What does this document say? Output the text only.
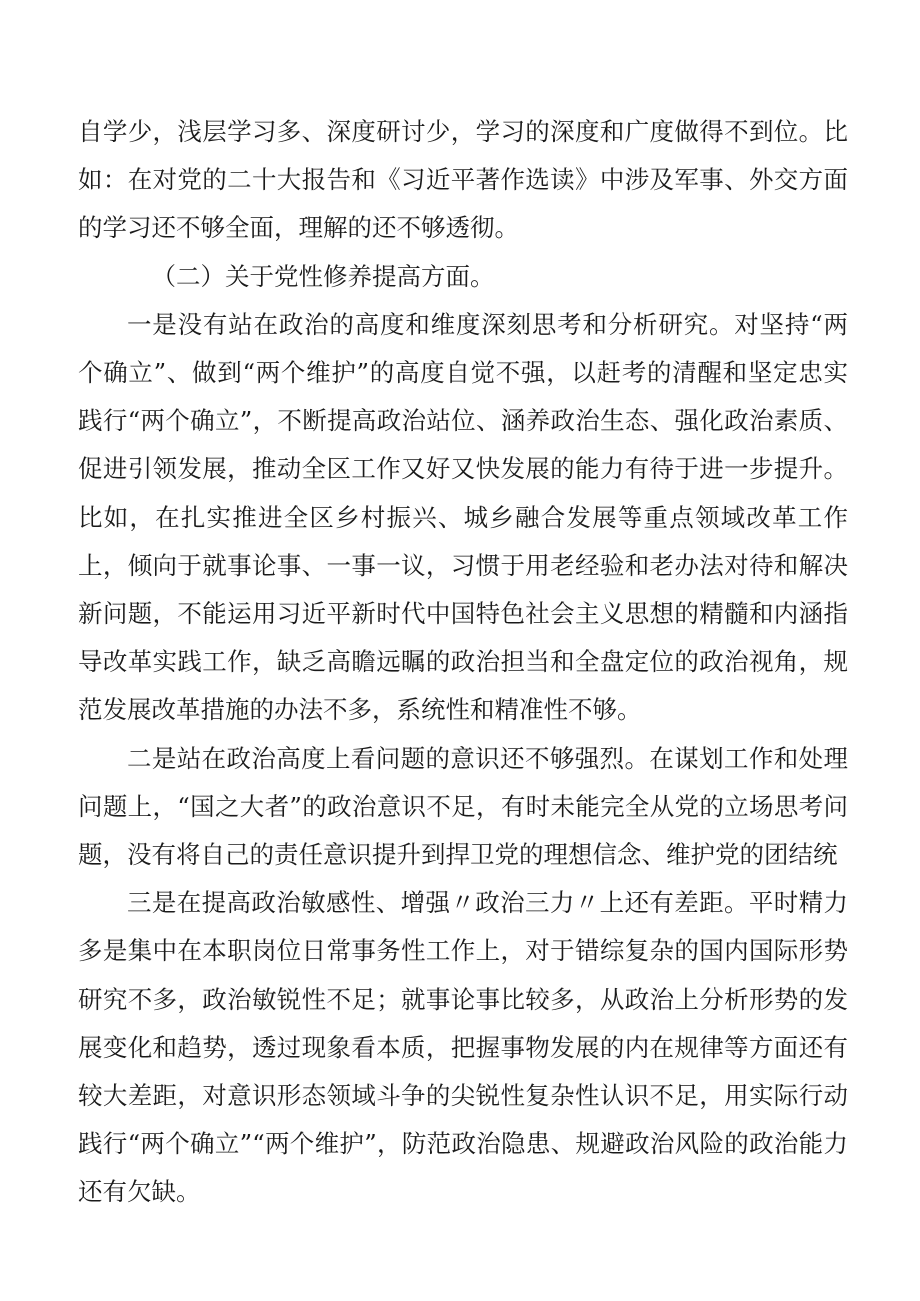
自学少，浅层学习多、深度研讨少，学习的深度和广度做得不到位。比如：在对党的二十大报告和《习近平著作选读》中涉及军事、外交方面的学习还不够全面，理解的还不够透彻。

（二）关于党性修养提高方面。

一是没有站在政治的高度和维度深刻思考和分析研究。对坚持“两个确立”、做到“两个维护”的高度自觉不强，以赶考的清醒和坚定忠实践行“两个确立”，不断提高政治站位、涵养政治生态、强化政治素质、促进引领发展，推动全区工作又好又快发展的能力有待于进一步提升。比如，在扎实推进全区乡村振兴、城乡融合发展等重点领域改革工作上，倾向于就事论事、一事一议，习惯于用老经验和老办法对待和解决新问题，不能运用习近平新时代中国特色社会主义思想的精髓和内涵指导改革实践工作，缺乏高瞻远瞩的政治担当和全盘定位的政治视角，规范发展改革措施的办法不多，系统性和精准性不够。

二是站在政治高度上看问题的意识还不够强烈。在谋划工作和处理问题上，“国之大者”的政治意识不足，有时未能完全从党的立场思考问题，没有将自己的责任意识提升到捍卫党的理想信念、维护党的团结统

三是在提高政治敏感性、增强〃政治三力〃上还有差距。平时精力多是集中在本职岗位日常事务性工作上，对于错综复杂的国内国际形势研究不多，政治敏锐性不足；就事论事比较多，从政治上分析形势的发展变化和趋势，透过现象看本质，把握事物发展的内在规律等方面还有较大差距，对意识形态领域斗争的尖锐性复杂性认识不足，用实际行动践行“两个确立”“两个维护”，防范政治隐患、规避政治风险的政治能力还有欠缺。
